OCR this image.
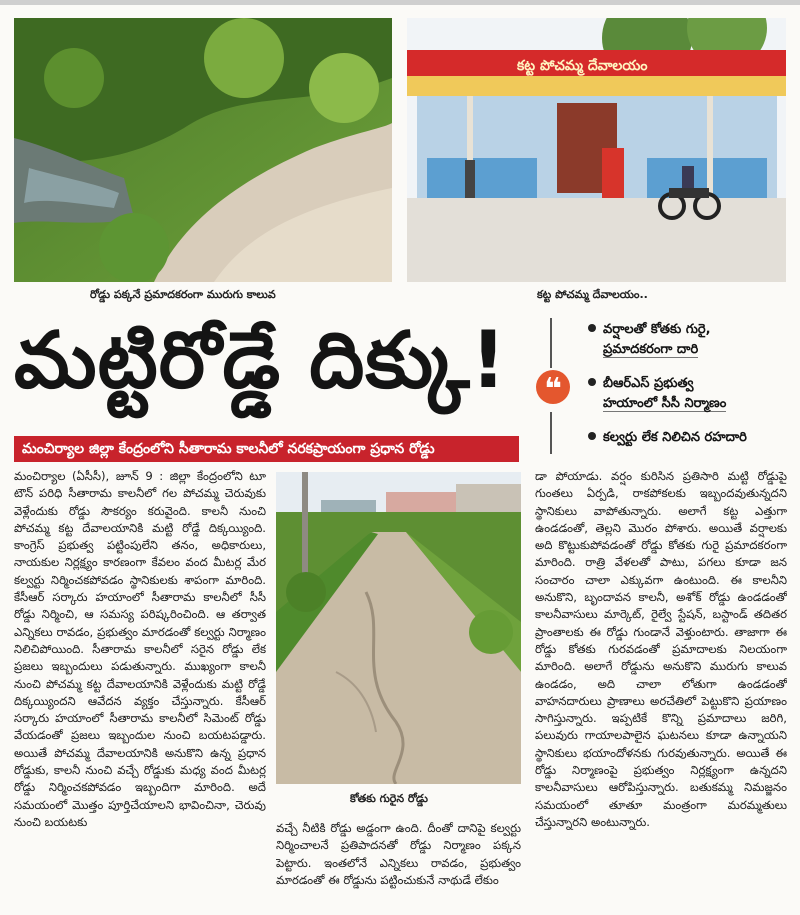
కట్ట పోచమ్మ దేవాలయం
రోడ్డు పక్కనే ప్రమాదకరంగా మురుగు కాలువ	కట్ట పోచమ్మ దేవాలయం..
మట్టిరోడ్డే దిక్కు!
మంచిర్యాల జిల్లా కేంద్రంలోని సీతారామ కాలనీలో నరకప్రాయంగా ప్రధాన రోడ్డు
❝
వర్షాలతో కోతకు గురై,
ప్రమాదకరంగా దారి
బీఆర్ఎస్ ప్రభుత్వ
హయాంలో సీసీ నిర్మాణం
కల్వర్టు లేక నిలిచిన రహదారి
కోతకు గురైన రోడ్డు

మంచిర్యాల (ఏసీసీ), జూన్ 9 : జిల్లా కేంద్రంలోని టూ టౌన్ పరిధి సీతారామ కాలనీలో గల పోచమ్మ చెరువుకు వెళ్లేందుకు రోడ్డు సౌకర్యం కరువైంది. కాలనీ నుంచి పోచమ్మ కట్ట దేవాలయానికి మట్టి రోడ్డే దిక్కయ్యింది. కాంగ్రెస్ ప్రభుత్వ పట్టింపులేని తనం, అధికారులు, నాయకుల నిర్లక్ష్యం కారణంగా కేవలం వంద మీటర్ల మేర కల్వర్టు నిర్మించకపోవడం స్థానికులకు శాపంగా మారింది. కేసీఆర్ సర్కారు హయాంలో సీతారామ కాలనీలో సీసీ రోడ్డు నిర్మించి, ఆ సమస్య పరిష్కరించింది. ఆ తర్వాత ఎన్నికలు రావడం, ప్రభుత్వం మారడంతో కల్వర్టు నిర్మాణం నిలిచిపోయింది. సీతారామ కాలనీలో సరైన రోడ్డు లేక ప్రజలు ఇబ్బందులు పడుతున్నారు. ముఖ్యంగా కాలనీ నుంచి పోచమ్మ కట్ట దేవాలయానికి వెళ్లేందుకు మట్టి రోడ్డే దిక్కయ్యిందని ఆవేదన వ్యక్తం చేస్తున్నారు. కేసీఆర్ సర్కారు హయాంలో సీతారామ కాలనీలో సిమెంట్ రోడ్డు వేయడంతో ప్రజలు ఇబ్బందుల నుంచి బయటపడ్డారు. అయితే పోచమ్మ దేవాలయానికి అనుకొని ఉన్న ప్రధాన రోడ్డుకు, కాలనీ నుంచి వచ్చే రోడ్డుకు మధ్య వంద మీటర్ల రోడ్డు నిర్మించకపోవడం ఇబ్బందిగా మారింది. అదే సమయంలో మొత్తం పూర్తిచేయాలని భావించినా, చెరువు నుంచి బయటకు	వచ్చే నీటికి రోడ్డు అడ్డంగా ఉంది. దీంతో దానిపై కల్వర్టు నిర్మించాలనే ప్రతిపాదనతో రోడ్డు నిర్మాణం పక్కన పెట్టారు. ఇంతలోనే ఎన్నికలు రావడం, ప్రభుత్వం మారడంతో ఈ రోడ్డును పట్టించుకునే నాథుడే లేకుం

డా పోయాడు. వర్షం కురిసిన ప్రతిసారి మట్టి రోడ్డుపై గుంతలు ఏర్పడి, రాకపోకలకు ఇబ్బందవుతున్నదని స్థానికులు వాపోతున్నారు. అలాగే కట్ట ఎత్తుగా ఉండడంతో, తెల్లని మొరం పోశారు. అయితే వర్షాలకు అది కొట్టుకుపోవడంతో రోడ్డు కోతకు గురై ప్రమాదకరంగా మారింది. రాత్రి వేళలతో పాటు, పగలు కూడా జన సంచారం చాలా ఎక్కువగా ఉంటుంది. ఈ కాలనీని అనుకొని, బృందావన కాలనీ, అశోక్ రోడ్డు ఉండడంతో కాలనీవాసులు మార్కెట్, రైల్వే స్టేషన్, బస్టాండ్ తదితర ప్రాంతాలకు ఈ రోడ్డు గుండానే వెళ్తుంటారు. తాజాగా ఈ రోడ్డు కోతకు గురవడంతో ప్రమాదాలకు నిలయంగా మారింది. అలాగే రోడ్డును అనుకొని మురుగు కాలువ ఉండడం, అది చాలా లోతుగా ఉండడంతో వాహనదారులు ప్రాణాలు అరచేతిలో పెట్టుకొని ప్రయాణం సాగిస్తున్నారు. ఇప్పటికే కొన్ని ప్రమాదాలు జరిగి, పలువురు గాయాలపాలైన ఘటనలు కూడా ఉన్నాయని స్థానికులు భయాందోళనకు గురవుతున్నారు. అయితే ఈ రోడ్డు నిర్మాణంపై ప్రభుత్వం నిర్లక్ష్యంగా ఉన్నదని కాలనీవాసులు ఆరోపిస్తున్నారు. బతుకమ్మ నిమజ్జనం సమయంలో తూతూ మంత్రంగా మరమ్మతులు చేస్తున్నారని అంటున్నారు.
